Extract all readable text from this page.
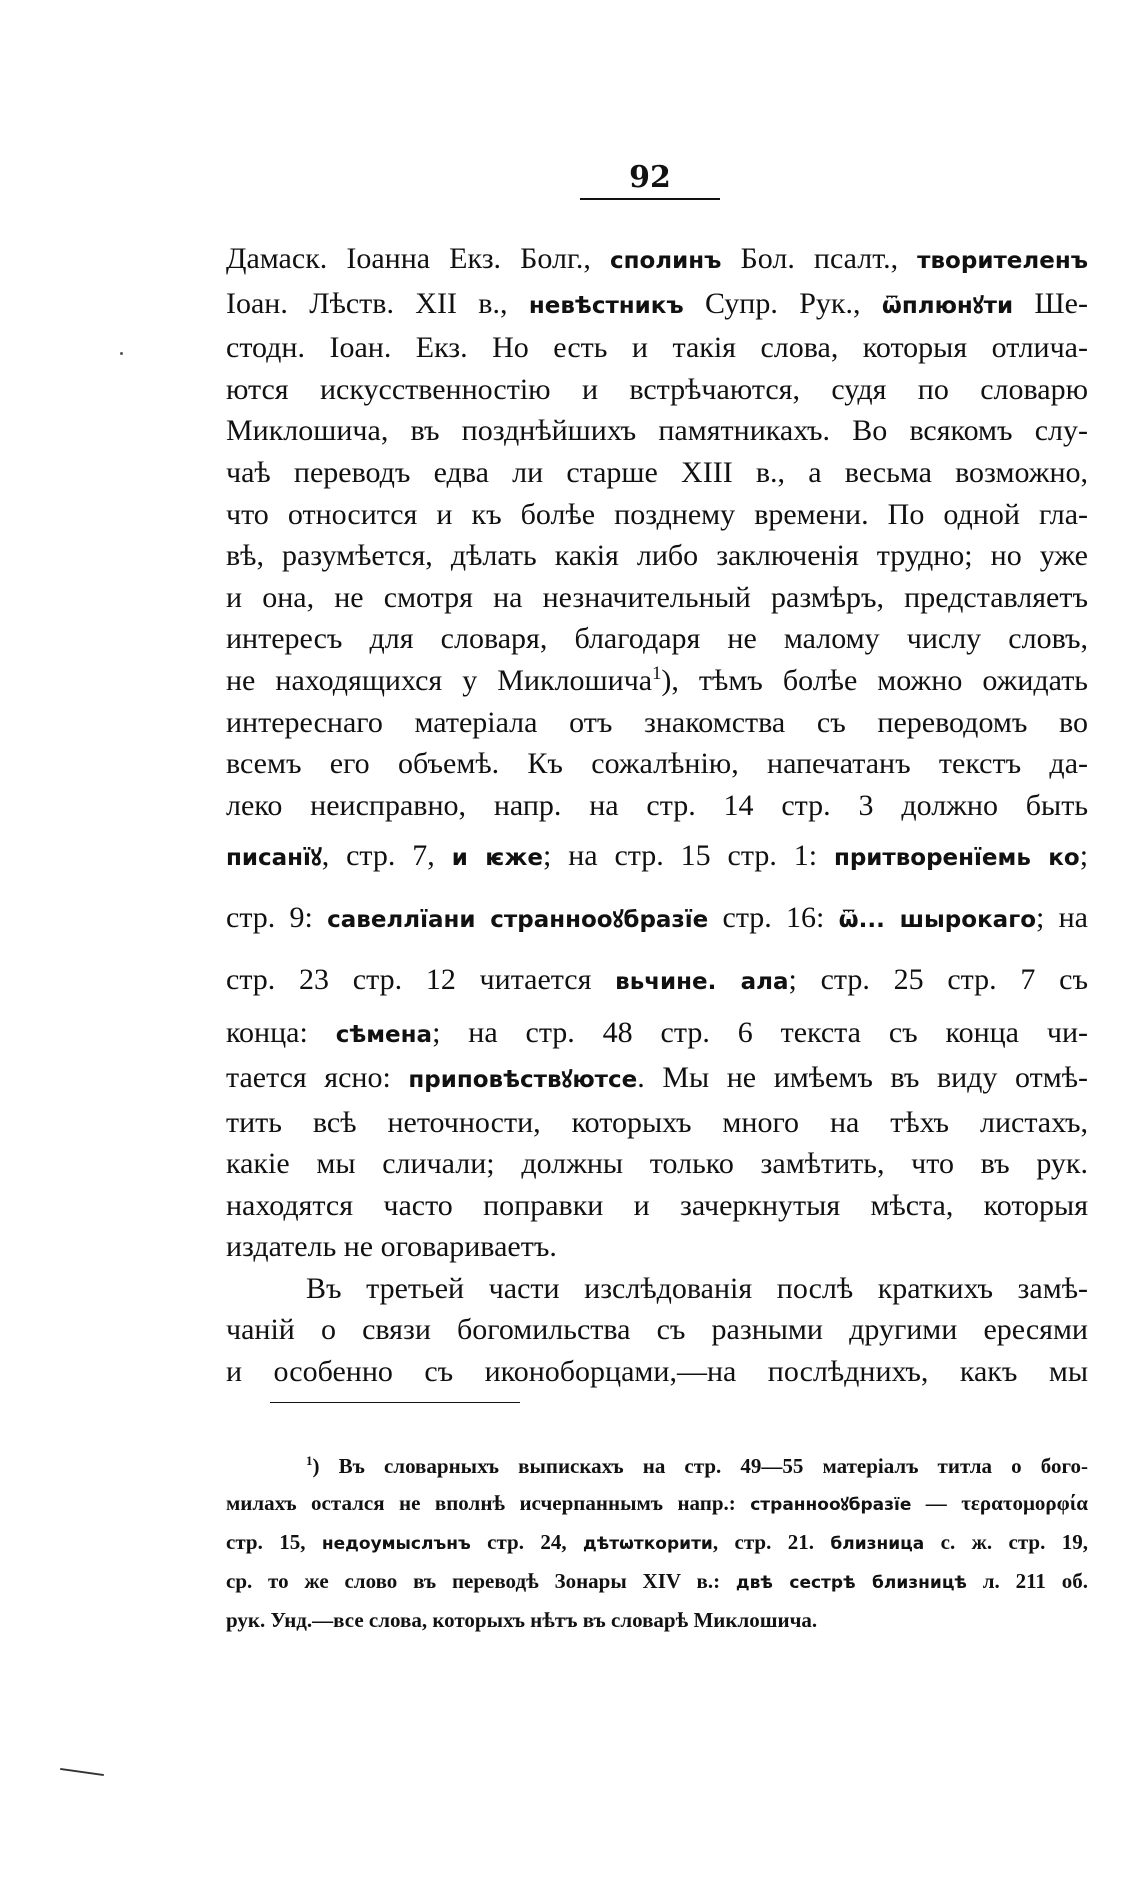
92

Дамаск. Іоанна Екз. Болг., сполинъ Бол. псалт., творителенъ
Іоан. Лѣств. XII в., невѣстникъ Супр. Рук., ѿплюнꙋти Ше-
стодн. Іоан. Екз. Но есть и такія слова, которыя отлича-
ются искусственностію и встрѣчаются, судя по словарю
Миклошича, въ позднѣйшихъ памятникахъ. Во всякомъ слу-
чаѣ переводъ едва ли старше XIII в., а весьма возможно,
что относится и къ болѣе позднему времени. По одной гла-
вѣ, разумѣется, дѣлать какія либо заключенія трудно; но уже
и она, не смотря на незначительный размѣръ, представляетъ
интересъ для словаря, благодаря не малому числу словъ,
не находящихся у Миклошича$^1$), тѣмъ болѣе можно ожидать
интереснаго матеріала отъ знакомства съ переводомъ во
всемъ его объемѣ. Къ сожалѣнію, напечатанъ текстъ да-
леко неисправно, напр. на стр. 14 стр. 3 должно быть
писанїꙋ, стр. 7, и ѥже; на стр. 15 стр. 1: притворенїемь ко;
стр. 9: савеллїани страннооꙋбразїе стр. 16: ѿ... шырокаго; на
стр. 23 стр. 12 читается вьчине. ала; стр. 25 стр. 7 съ
конца: сѣмена; на стр. 48 стр. 6 текста съ конца чи-
тается ясно: приповѣствꙋютсе. Мы не имѣемъ въ виду отмѣ-
тить всѣ неточности, которыхъ много на тѣхъ листахъ,
какіе мы сличали; должны только замѣтить, что въ рук.
находятся часто поправки и зачеркнутыя мѣста, которыя
издатель не оговариваетъ.

Въ третьей части изслѣдованія послѣ краткихъ замѣ-
чаній о связи богомильства съ разными другими ересями
и особенно съ иконоборцами,—на послѣднихъ, какъ мы

$^1$) Въ словарныхъ выпискахъ на стр. 49—55 матеріалъ титла о бого-
милахъ остался не вполнѣ исчерпаннымъ напр.: страннооꙋбразїе — τερατομορφία
стр. 15, недоумыслънъ стр. 24, дѣтѡткорити, стр. 21. близница с. ж. стр. 19,
ср. то же слово въ переводѣ Зонары XIV в.: двѣ сестрѣ близницѣ л. 211 об.
рук. Унд.—все слова, которыхъ нѣтъ въ словарѣ Миклошича.
